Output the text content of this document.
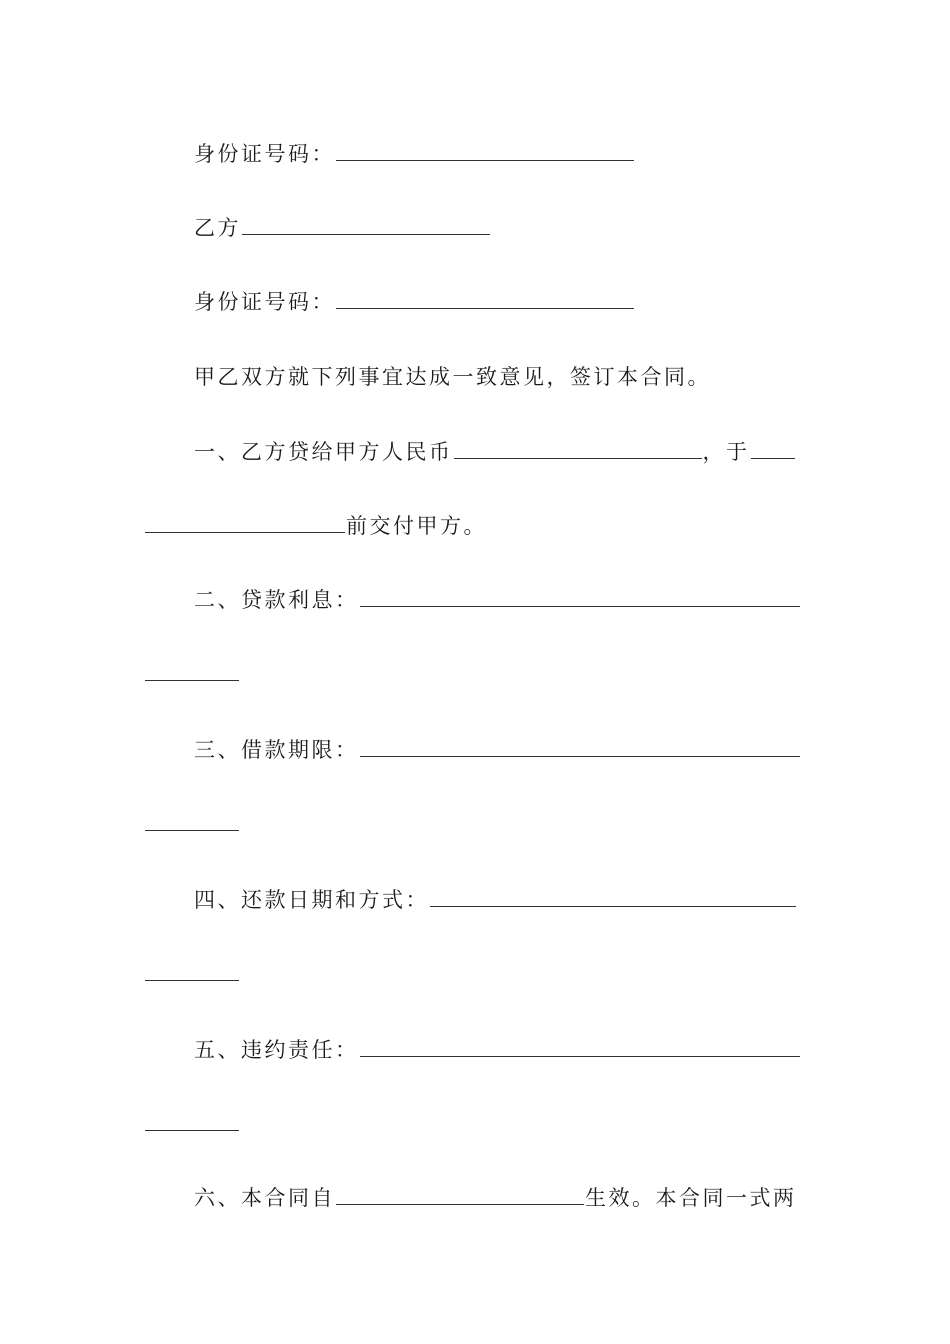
身份证号码：
乙方
身份证号码：
甲乙双方就下列事宜达成一致意见，签订本合同。
一、乙方贷给甲方人民币	，于
前交付甲方。
二、贷款利息：
三、借款期限：
四、还款日期和方式：
五、违约责任：
六、本合同自	生效。本合同一式两
